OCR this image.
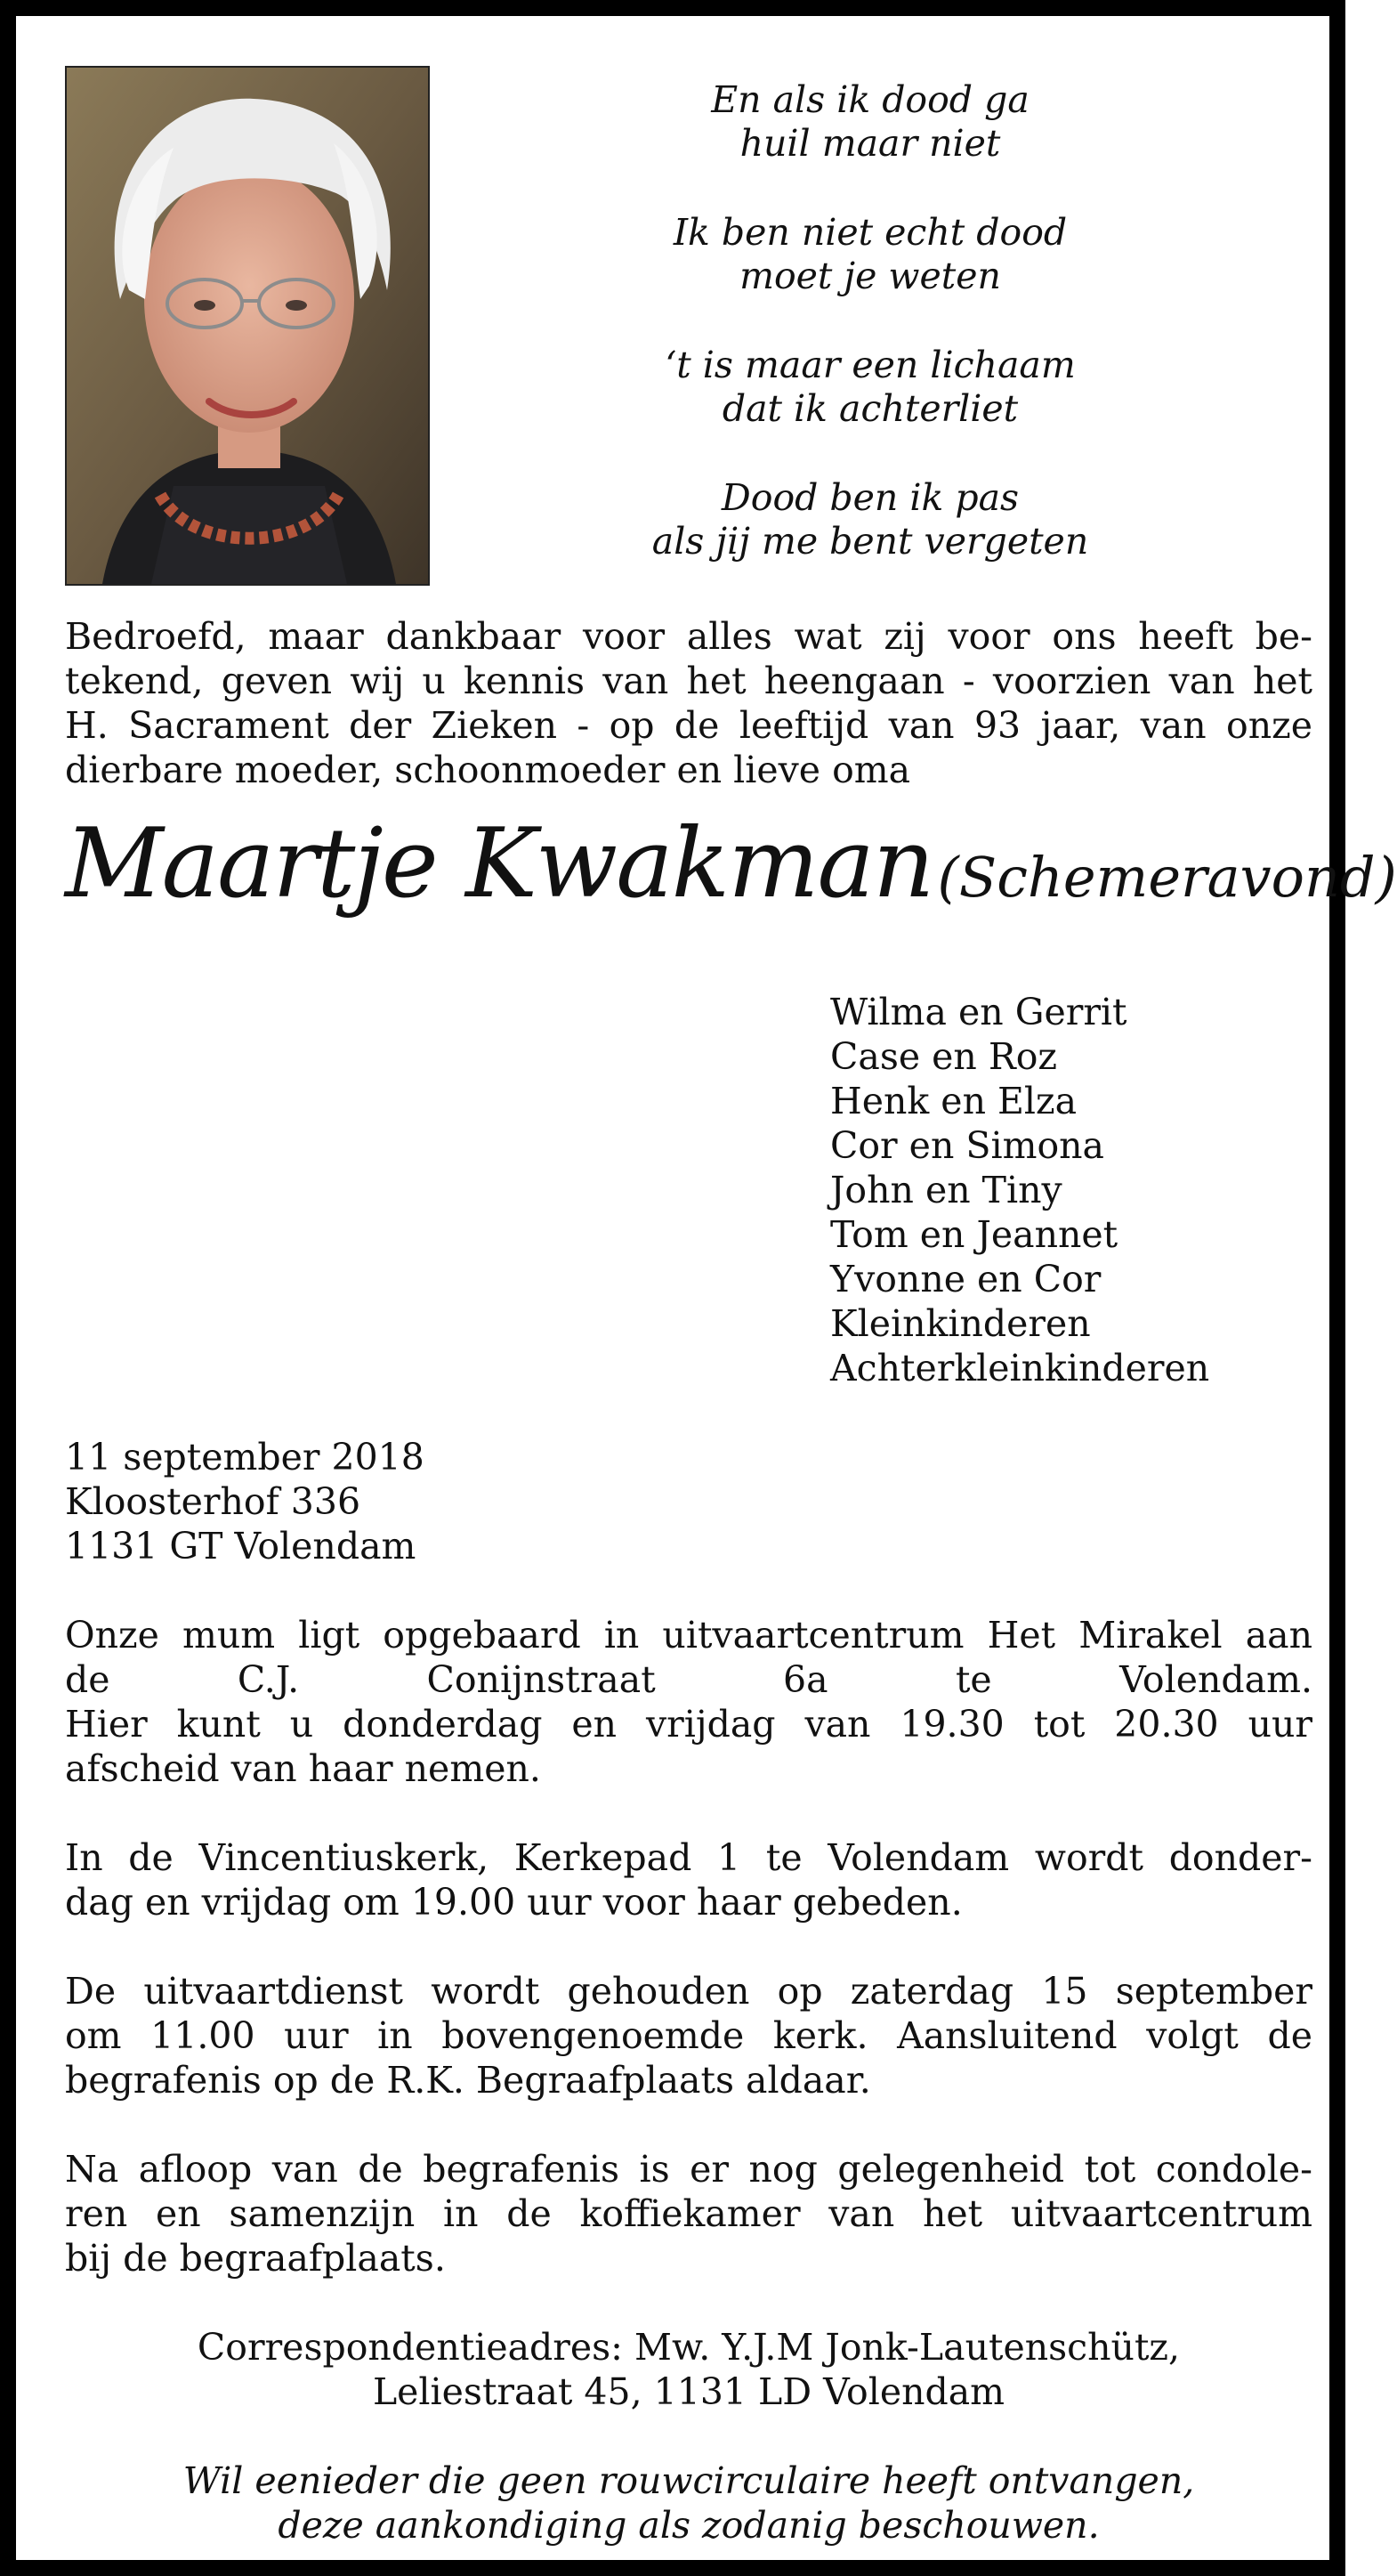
En als ik dood ga
huil maar niet

Ik ben niet echt dood
moet je weten

‘t is maar een lichaam
dat ik achterliet

Dood ben ik pas
als jij me bent vergeten

Bedroefd, maar dankbaar voor alles wat zij voor ons heeft be-
tekend, geven wij u kennis van het heengaan - voorzien van het
H. Sacrament der Zieken - op de leeftijd van 93 jaar, van onze
dierbare moeder, schoonmoeder en lieve oma
Maartje Kwakman (Schemeravond)
Wilma en Gerrit
Case en Roz
Henk en Elza
Cor en Simona
John en Tiny
Tom en Jeannet
Yvonne en Cor
Kleinkinderen
Achterkleinkinderen
11 september 2018
Kloosterhof 336
1131 GT Volendam
Onze mum ligt opgebaard in uitvaartcentrum Het Mirakel aan
de C.J. Conijnstraat 6a te Volendam.
Hier kunt u donderdag en vrijdag van 19.30 tot 20.30 uur
afscheid van haar nemen.
In de Vincentiuskerk, Kerkepad 1 te Volendam wordt donder-
dag en vrijdag om 19.00 uur voor haar gebeden.
De uitvaartdienst wordt gehouden op zaterdag 15 september
om 11.00 uur in bovengenoemde kerk. Aansluitend volgt de
begrafenis op de R.K. Begraafplaats aldaar.
Na afloop van de begrafenis is er nog gelegenheid tot condole-
ren en samenzijn in de koffiekamer van het uitvaartcentrum
bij de begraafplaats.
Correspondentieadres: Mw. Y.J.M Jonk-Lautenschütz,
Leliestraat 45, 1131 LD Volendam
Wil eenieder die geen rouwcirculaire heeft ontvangen,
deze aankondiging als zodanig beschouwen.
